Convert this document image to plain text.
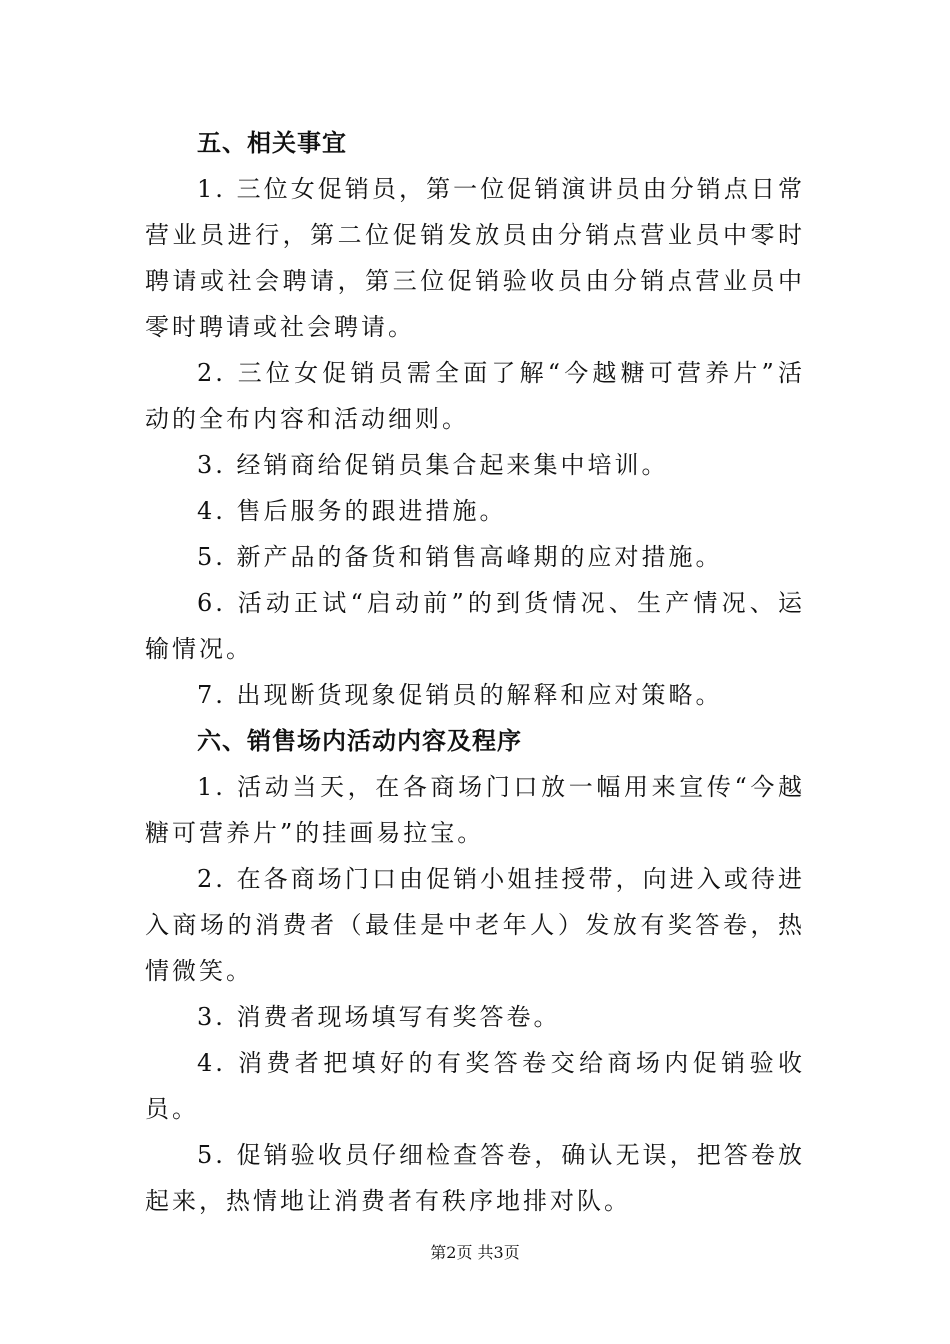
五、相关事宜

1. 三位女促销员，第一位促销演讲员由分销点日常营业员进行，第二位促销发放员由分销点营业员中零时聘请或社会聘请，第三位促销验收员由分销点营业员中零时聘请或社会聘请。

2. 三位女促销员需全面了解“今越糖可营养片”活动的全布内容和活动细则。

3. 经销商给促销员集合起来集中培训。

4. 售后服务的跟进措施。

5. 新产品的备货和销售高峰期的应对措施。

6. 活动正试“启动前”的到货情况、生产情况、运输情况。

7. 出现断货现象促销员的解释和应对策略。

六、销售场内活动内容及程序

1. 活动当天，在各商场门口放一幅用来宣传“今越糖可营养片”的挂画易拉宝。

2. 在各商场门口由促销小姐挂授带，向进入或待进入商场的消费者（最佳是中老年人）发放有奖答卷，热情微笑。

3. 消费者现场填写有奖答卷。

4. 消费者把填好的有奖答卷交给商场内促销验收员。

5. 促销验收员仔细检查答卷，确认无误，把答卷放起来，热情地让消费者有秩序地排对队。

第2页 共3页
